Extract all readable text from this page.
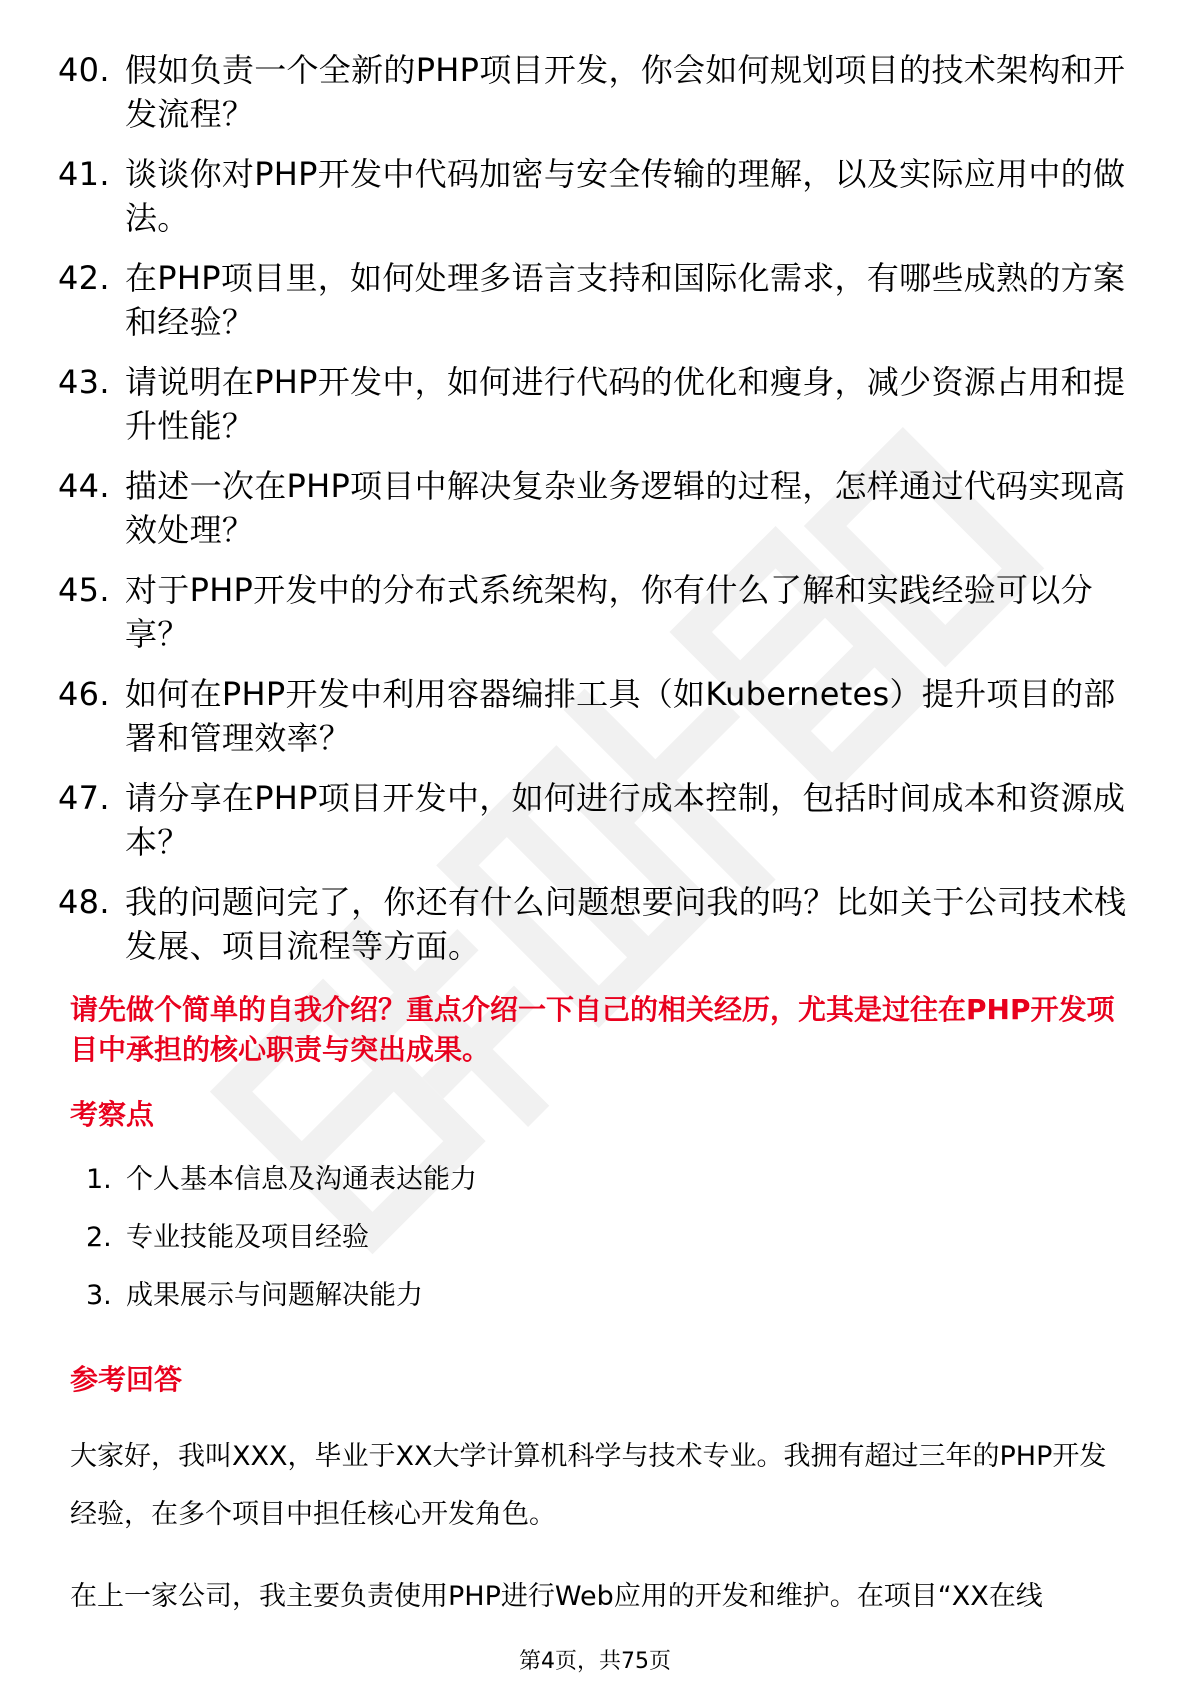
40. 假如负责一个全新的PHP项目开发，你会如何规划项目的技术架构和开发流程？
41. 谈谈你对PHP开发中代码加密与安全传输的理解，以及实际应用中的做法。
42. 在PHP项目里，如何处理多语言支持和国际化需求，有哪些成熟的方案和经验？
43. 请说明在PHP开发中，如何进行代码的优化和瘦身，减少资源占用和提升性能？
44. 描述一次在PHP项目中解决复杂业务逻辑的过程，怎样通过代码实现高效处理？
45. 对于PHP开发中的分布式系统架构，你有什么了解和实践经验可以分享？
46. 如何在PHP开发中利用容器编排工具（如Kubernetes）提升项目的部署和管理效率？
47. 请分享在PHP项目开发中，如何进行成本控制，包括时间成本和资源成本？
48. 我的问题问完了，你还有什么问题想要问我的吗？比如关于公司技术栈发展、项目流程等方面。
请先做个简单的自我介绍？重点介绍一下自己的相关经历，尤其是过往在PHP开发项目中承担的核心职责与突出成果。
考察点
1. 个人基本信息及沟通表达能力
2. 专业技能及项目经验
3. 成果展示与问题解决能力
参考回答
大家好，我叫XXX，毕业于XX大学计算机科学与技术专业。我拥有超过三年的PHP开发经验，在多个项目中担任核心开发角色。
在上一家公司，我主要负责使用PHP进行Web应用的开发和维护。在项目“XX在线
第4页，共75页
